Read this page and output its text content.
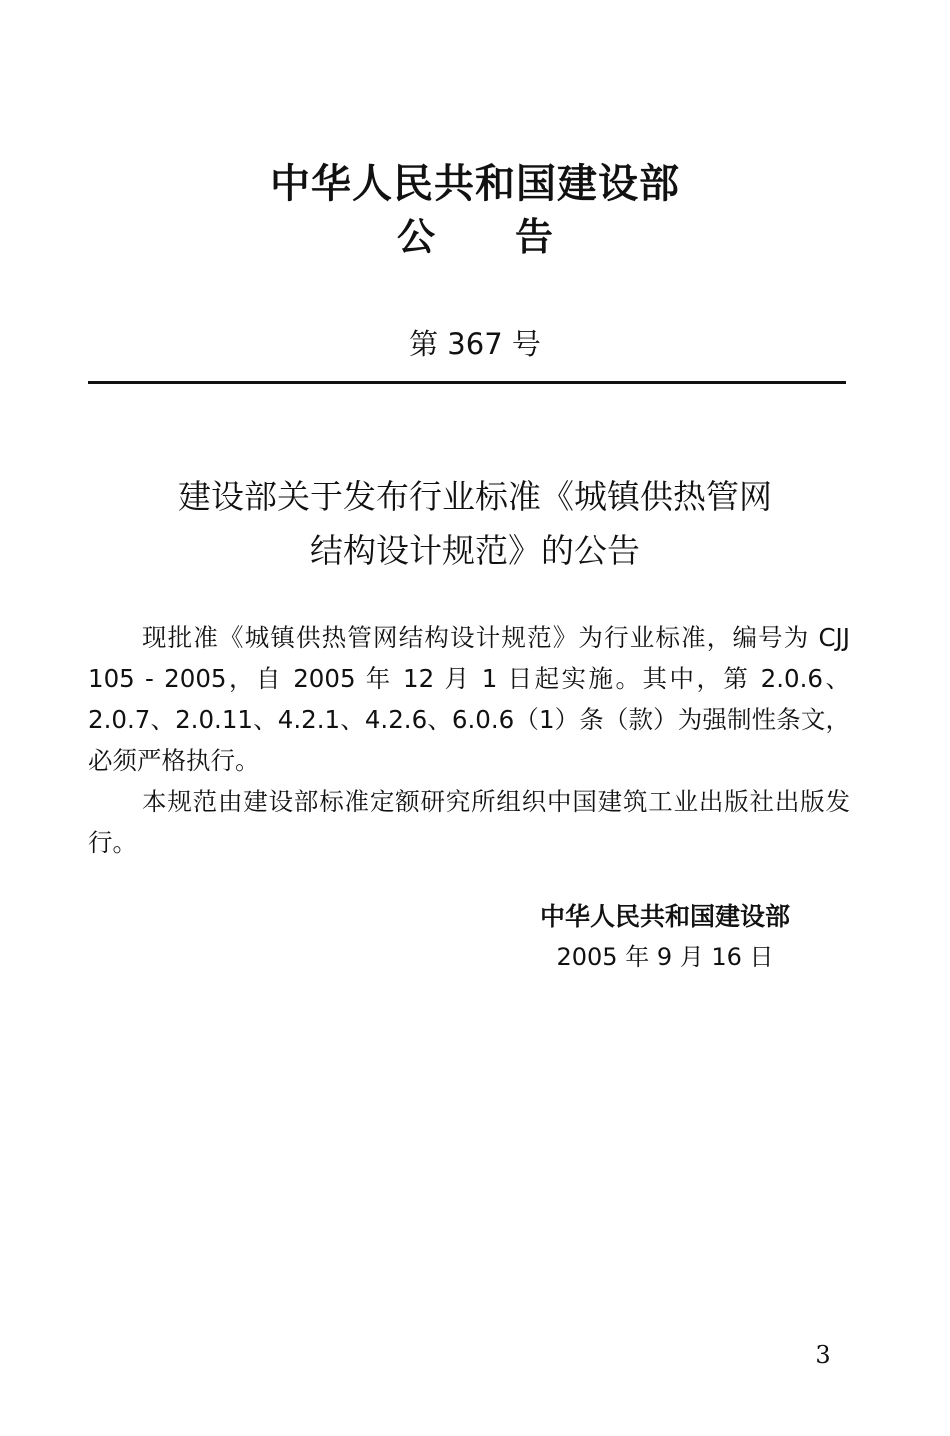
中华人民共和国建设部
公告
第 367 号
建设部关于发布行业标准《城镇供热管网
结构设计规范》的公告

现批准《城镇供热管网结构设计规范》为行业标准，编号为 CJJ 105 - 2005，自 2005 年 12 月 1 日起实施。其中，第 2.0.6、2.0.7、2.0.11、4.2.1、4.2.6、6.0.6（1）条（款）为强制性条文，必须严格执行。

本规范由建设部标准定额研究所组织中国建筑工业出版社出版发行。

中华人民共和国建设部
2005 年 9 月 16 日
3
